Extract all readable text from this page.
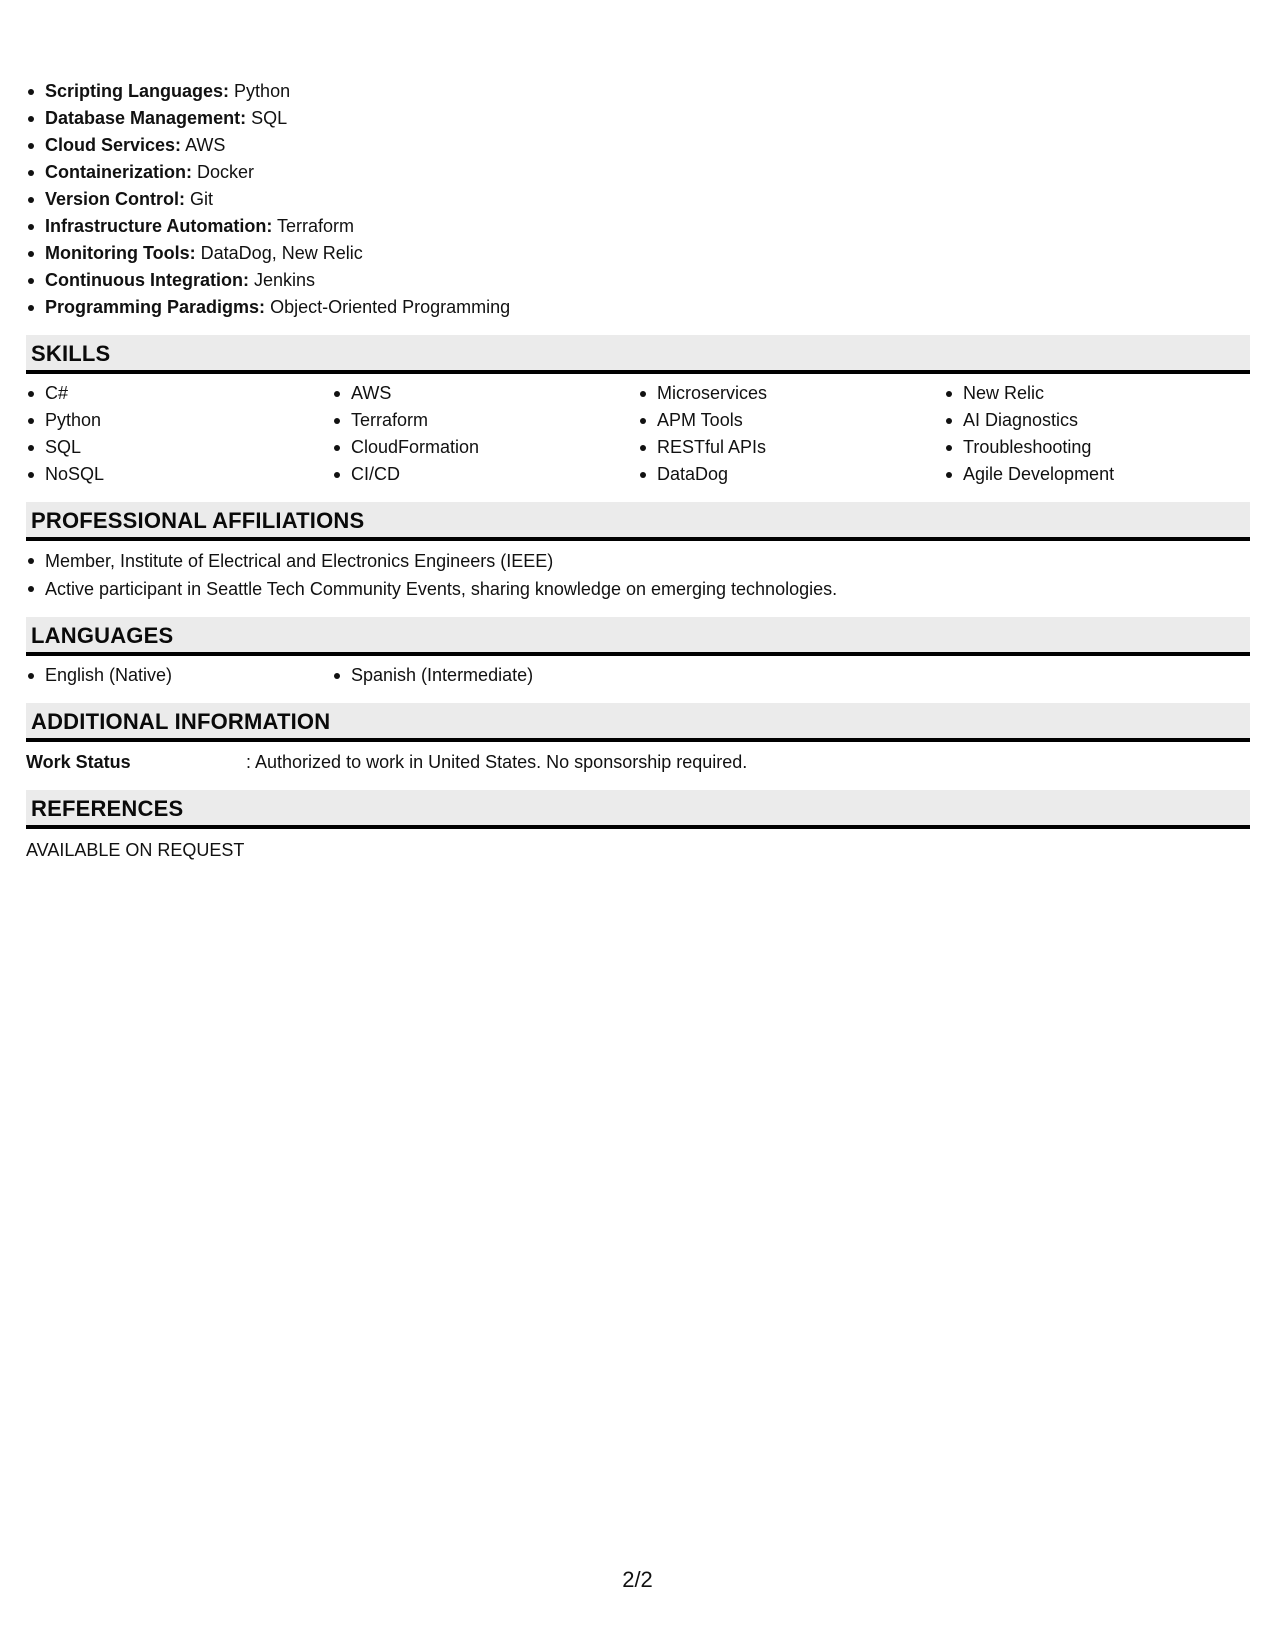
Scripting Languages: Python
Database Management: SQL
Cloud Services: AWS
Containerization: Docker
Version Control: Git
Infrastructure Automation: Terraform
Monitoring Tools: DataDog, New Relic
Continuous Integration: Jenkins
Programming Paradigms: Object-Oriented Programming
SKILLS
C#
Python
SQL
NoSQL
AWS
Terraform
CloudFormation
CI/CD
Microservices
APM Tools
RESTful APIs
DataDog
New Relic
AI Diagnostics
Troubleshooting
Agile Development
PROFESSIONAL AFFILIATIONS
Member, Institute of Electrical and Electronics Engineers (IEEE)
Active participant in Seattle Tech Community Events, sharing knowledge on emerging technologies.
LANGUAGES
English (Native)	Spanish (Intermediate)
ADDITIONAL INFORMATION
Work Status	: Authorized to work in United States. No sponsorship required.
REFERENCES
AVAILABLE ON REQUEST
2/2
